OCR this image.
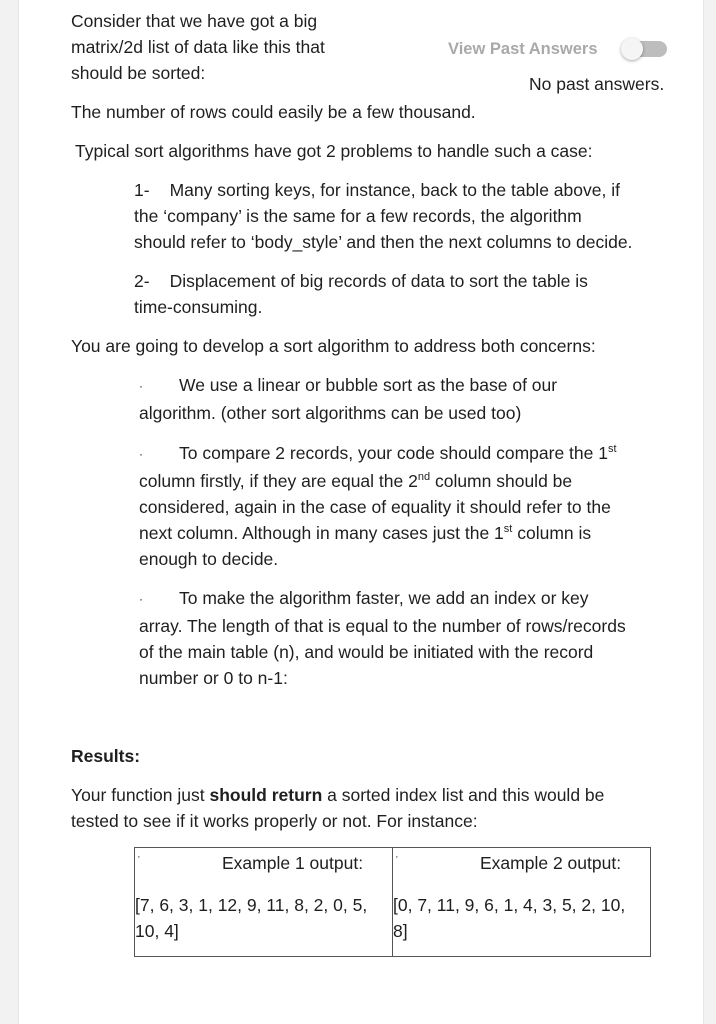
View Past Answers
No past answers.
Consider that we have got a big
matrix/2d list of data like this that
should be sorted:
The number of rows could easily be a few thousand.
Typical sort algorithms have got 2 problems to handle such a case:
1- Many sorting keys, for instance, back to the table above, if
the ‘company’ is the same for a few records, the algorithm
should refer to ‘body_style’ and then the next columns to decide.
2- Displacement of big records of data to sort the table is
time-consuming.
You are going to develop a sort algorithm to address both concerns:
· We use a linear or bubble sort as the base of our
algorithm. (other sort algorithms can be used too)
· To compare 2 records, your code should compare the 1st
column firstly, if they are equal the 2nd column should be
considered, again in the case of equality it should refer to the
next column. Although in many cases just the 1st column is
enough to decide.
· To make the algorithm faster, we add an index or key
array. The length of that is equal to the number of rows/records
of the main table (n), and would be initiated with the record
number or 0 to n-1:
Results:
Your function just should return a sorted index list and this would be
tested to see if it works properly or not. For instance:
·	Example 1 output:
[7, 6, 3, 1, 12, 9, 11, 8, 2, 0, 5,
10, 4]

·	Example 2 output:
[0, 7, 11, 9, 6, 1, 4, 3, 5, 2, 10,
8]
